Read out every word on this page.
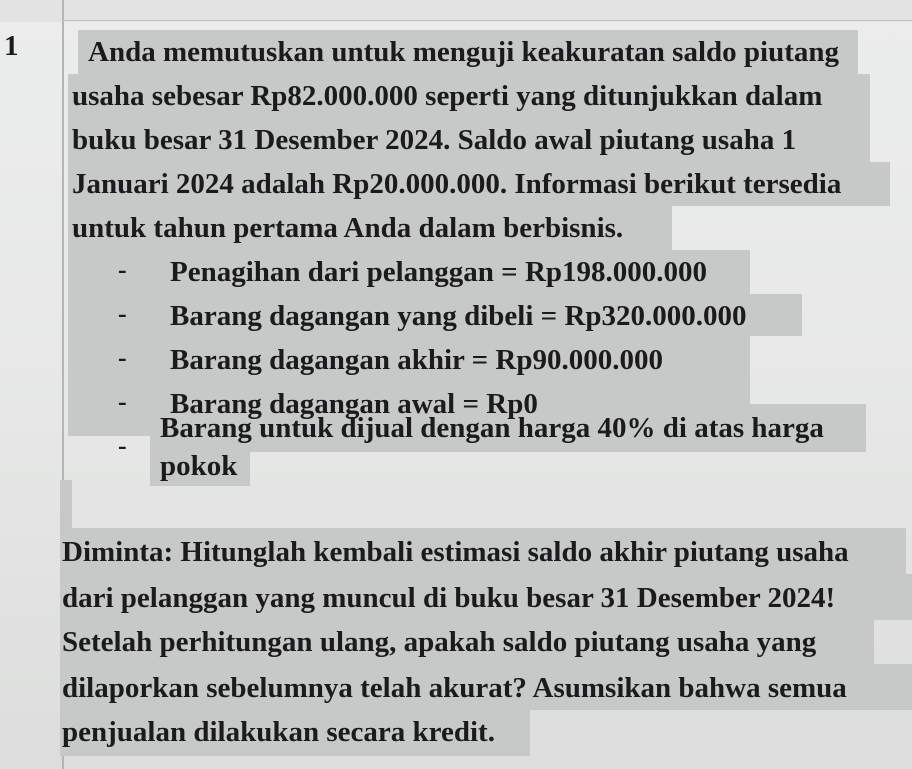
1 Anda memutuskan untuk menguji keakuratan saldo piutang
usaha sebesar Rp82.000.000 seperti yang ditunjukkan dalam
buku besar 31 Desember 2024. Saldo awal piutang usaha 1
Januari 2024 adalah Rp20.000.000. Informasi berikut tersedia
untuk tahun pertama Anda dalam berbisnis.
- Penagihan dari pelanggan = Rp198.000.000
- Barang dagangan yang dibeli = Rp320.000.000
- Barang dagangan akhir = Rp90.000.000
- Barang dagangan awal = Rp0
-
Barang untuk dijual dengan harga 40% di atas harga
pokok
Diminta: Hitunglah kembali estimasi saldo akhir piutang usaha
dari pelanggan yang muncul di buku besar 31 Desember 2024!
Setelah perhitungan ulang, apakah saldo piutang usaha yang
dilaporkan sebelumnya telah akurat? Asumsikan bahwa semua
penjualan dilakukan secara kredit.
